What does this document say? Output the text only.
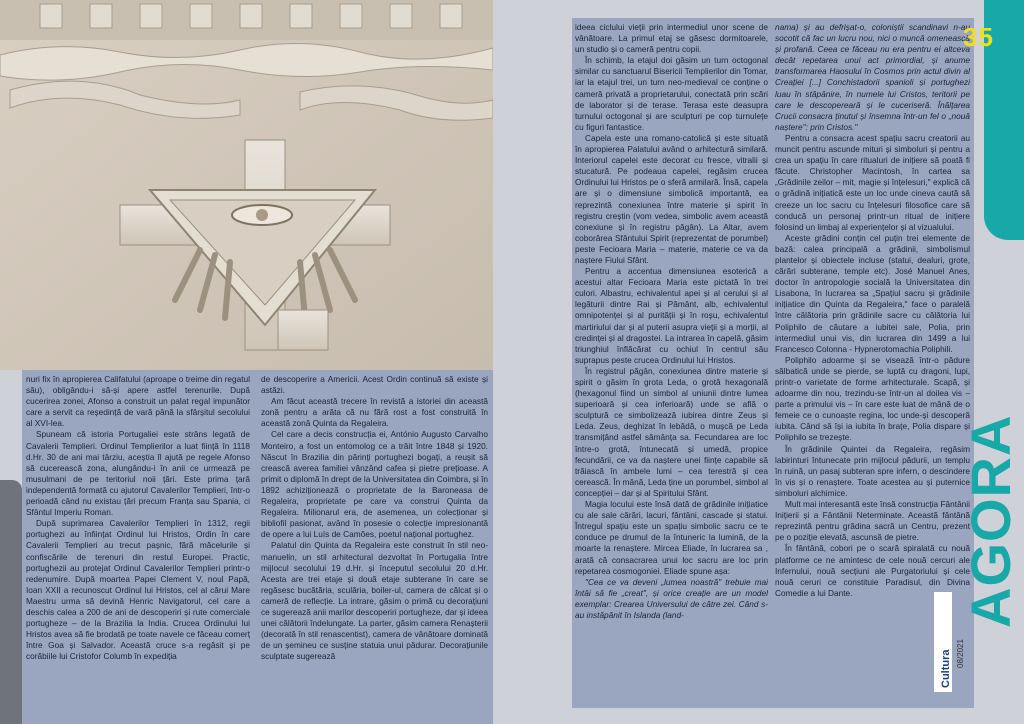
nuri fix în apropierea Califatului (aproape o treime din regatul său), obligându-i să-și apere astfel terenurile. După cucerirea zonei, Afonso a construit un palat regal impunător care a servit ca reședință de vară până la sfârșitul secolului al XVI-lea.

Spuneam că istoria Portugaliei este strâns legată de Cavalerii Templieri. Ordinul Templierilor a luat ființă în 1118 d.Hr. 30 de ani mai târziu, aceștia îl ajută pe regele Afonso să cucerească zona, alungându-i în anii ce urmează pe musulmani de pe teritoriul noii țări. Este prima țară independentă formată cu ajutorul Cavalerilor Templieri, într-o perioadă când nu existau țări precum Franța sau Spania, ci Sfântul Imperiu Roman.

După suprimarea Cavalerilor Templieri în 1312, regii portughezi au înființat Ordinul lui Hristos, Ordin în care Cavalerii Templieri au trecut pașnic, fără măcelurile și confiscările de terenuri din restul Europei. Practic, portughezii au protejat Ordinul Cavalerilor Templieri printr-o redenumire. După moartea Papei Clement V, noul Papă, Ioan XXII a recunoscut Ordinul lui Hristos, cel al cărui Mare Maestru urma să devină Henric Navigatorul, cel care a deschis calea a 200 de ani de descoperiri și rute comerciale portugheze – de la Brazilia la India. Crucea Ordinului lui Hristos avea să fie brodată pe toate navele ce făceau comerț între Goa și Salvador. Această cruce s-a regăsit și pe corăbiile lui Cristofor Columb în expediția

de descoperire a Americii. Acest Ordin continuă să existe și astăzi.

Am făcut această trecere în revistă a istoriei din această zonă pentru a arăta că nu fără rost a fost construită în această zonă Quinta da Regaleira.

Cel care a decis construcția ei, António Augusto Carvalho Monteiro, a fost un entomolog ce a trăit între 1848 și 1920. Născut în Brazilia din părinți portughezi bogați, a reușit să crească averea familiei vânzând cafea și pietre prețioase. A primit o diplomă în drept de la Universitatea din Coimbra, și în 1892 achiziționează o proprietate de la Baroneasa de Regaleira, proprietate pe care va construi Quinta da Regaleira. Milionarul era, de asemenea, un colecționar și bibliofil pasionat, având în posesie o colecție impresionantă de opere a lui Luís de Camões, poetul național portughez.

Palatul din Quinta da Regaleira este construit în stil neo-manuelin, un stil arhitectural dezvoltat în Portugalia între mijlocul secolului 19 d.Hr. și începutul secolului 20 d.Hr. Acesta are trei etaje și două etaje subterane în care se regăsesc bucătăria, sculăria, boiler-ul, camera de călcat și o cameră de reflecție. La intrare, găsim o primă cu decorațiuni ce sugerează anii marilor descoperiri portugheze, dar și ideea unei călătorii îndelungate. La parter, găsim camera Renașterii (decorată în stil renascentist), camera de vânătoare dominată de un șemineu ce susține statuia unui pădurar. Decorațiunile sculptate sugerează

ideea ciclului vieții prin intermediul unor scene de vânătoare. La primul etaj se găsesc dormitoarele, un studio și o cameră pentru copii.

În schimb, la etajul doi găsim un turn octogonal similar cu sanctuarul Bisericii Templierilor din Tomar, iar la etajul trei, un turn neo-medieval ce conține o cameră privată a proprietarului, conectată prin scări de laborator și de terase. Terasa este deasupra turnului octogonal și are sculpturi pe cop turnulețe cu figuri fantastice.

Capela este una romano-catolică și este situată în apropierea Palatului având o arhitectură similară. Interiorul capelei este decorat cu fresce, vitralii și stucatură. Pe podeaua capelei, regăsim crucea Ordinului lui Hristos pe o sferă armilară. Însă, capela are și o dimensiune simbolică importantă, ea reprezintă conexiunea între materie și spirit în registru creștin (vom vedea, simbolic avem această conexiune și în registru păgân). La Altar, avem coborârea Sfântului Spirit (reprezentat de porumbel) peste Fecioara Maria – materie, materie ce va da naștere Fiului Sfânt.

Pentru a accentua dimensiunea esoterică a acestui altar Fecioara Maria este pictată în trei culori. Albastru, echivalentul apei și al cerului și al legăturii dintre Rai și Pământ, alb, echivalentul omnipotenței și al purității și în roșu, echivalentul martiriului dar și al puterii asupra vieții și a morții, al credinței și al dragostei. La intrarea în capelă, găsim triunghiul înflăcărat cu ochiul în centrul său suprapus peste crucea Ordinului lui Hristos.

În registrul păgân, conexiunea dintre materie și spirit o găsim în grota Leda, o grotă hexagonală (hexagonul fiind un simbol al uniunii dintre lumea superioară și cea inferioară) unde se află o sculptură ce simbolizează iubirea dintre Zeus și Leda. Zeus, deghizat în lebădă, o mușcă pe Leda transmițând astfel sămânța sa. Fecundarea are loc între-o grotă, întunecată și umedă, propice fecundării, ce va da naștere unei ființe capabile să trăiască în ambele lumi – cea terestră și cea cerească. În mână, Leda ține un porumbel, simbol al concepției – dar și al Spiritului Sfânt.

Magia locului este însă dată de grădinile inițiatice cu ale sale cărări, lacuri, fântâni, cascade și statui. Întregul spațiu este un spațiu simbolic sacru ce te conduce pe drumul de la întuneric la lumină, de la moarte la renaștere. Mircea Eliade, în lucrarea sa , arată că consacrarea unui loc sacru are loc prin repetarea cosmogoniei. Eliade spune așa:

"Cea ce va deveni „lumea noastră" trebuie mai întâi să fie „creat", și orice creație are un model exemplar: Crearea Universului de către zei. Când s-au instăpânit în Islanda (land-

nama) și au defrișat-o, coloniștii scandinavi n-au socotit că fac un lucru nou, nici o muncă omenească și profană. Ceea ce făceau nu era pentru ei altceva decât repetarea unui act primordial, și anume transformarea Haosului în Cosmos prin actul divin al Creației [...] Conchistadorii spanioli și portughezi luau în stăpânire, în numele lui Cristos, teritorii pe care le descopereară și le cuceriseră. Înălțarea Crucii consacra ținutul și însemna într-un fel o „nouă naștere": prin Cristos."

Pentru a consacra acest spațiu sacru creatorii au muncit pentru ascunde mituri și simboluri și pentru a crea un spațiu în care ritualuri de inițiere să poată fi făcute. Christopher Macintosh, în cartea sa „Grădinile zeilor – mit, magie și înțelesuri," explică că o grădină inițiatică este un loc unde cineva caută să creeze un loc sacru cu înțelesuri filosofice care să conducă un personaj printr-un ritual de inițiere folosind un limbaj al experiențelor și al vizualului.

Aceste grădini conțin cel puțin trei elemente de bază: calea principală a grădinii, simbolismul plantelor și obiectele incluse (statui, dealuri, grote, cărări subterane, temple etc). José Manuel Anes, doctor în antropologie socială la Universitatea din Lisabona, în lucrarea sa „Spațiul sacru și grădinile inițiatice din Quinta da Regaleira," face o paralelă între călătoria prin grădinile sacre cu călătoria lui Poliphilo de căutare a iubitei sale, Polia, prin intermediul unui vis, din lucrarea din 1499 a lui Francesco Colonna - Hypnerotomachia Poliphili.

Poliphilo adoarme și se visează într-o pădure sălbatică unde se pierde, se luptă cu dragoni, lupi, printr-o varietate de forme arhitecturale. Scapă, și adoarme din nou, trezindu-se într-un al doilea vis – parte a primului vis – în care este luat de mână de o femeie ce o cunoaște regina, loc unde-și descoperă iubita. Când să își ia iubita în brațe, Polia dispare și Poliphilo se trezește.

În grădinile Quintei da Regaleira, regăsim labirinturi întunecate prin mijlocul pădurii, un templu în ruină, un pasaj subteran spre infern, o descindere în vis și o renaștere. Toate acestea au și puternice simboluri alchimice.

Mult mai interesantă este însă construcția Fântânii Inițierii și a Fântânii Neterminate. Această fântână reprezintă pentru grădina sacră un Centru, prezent pe o poziție elevată, ascunsă de pietre.

În fântână, cobori pe o scară spiralată cu nouă platforme ce ne amintesc de cele nouă cercuri ale Infernului, nouă secțiuni ale Purgatoriului și cele nouă ceruri ce constituie Paradisul, din Divina Comedie a lui Dante.

35
Cultura 08/2021
AGORA
